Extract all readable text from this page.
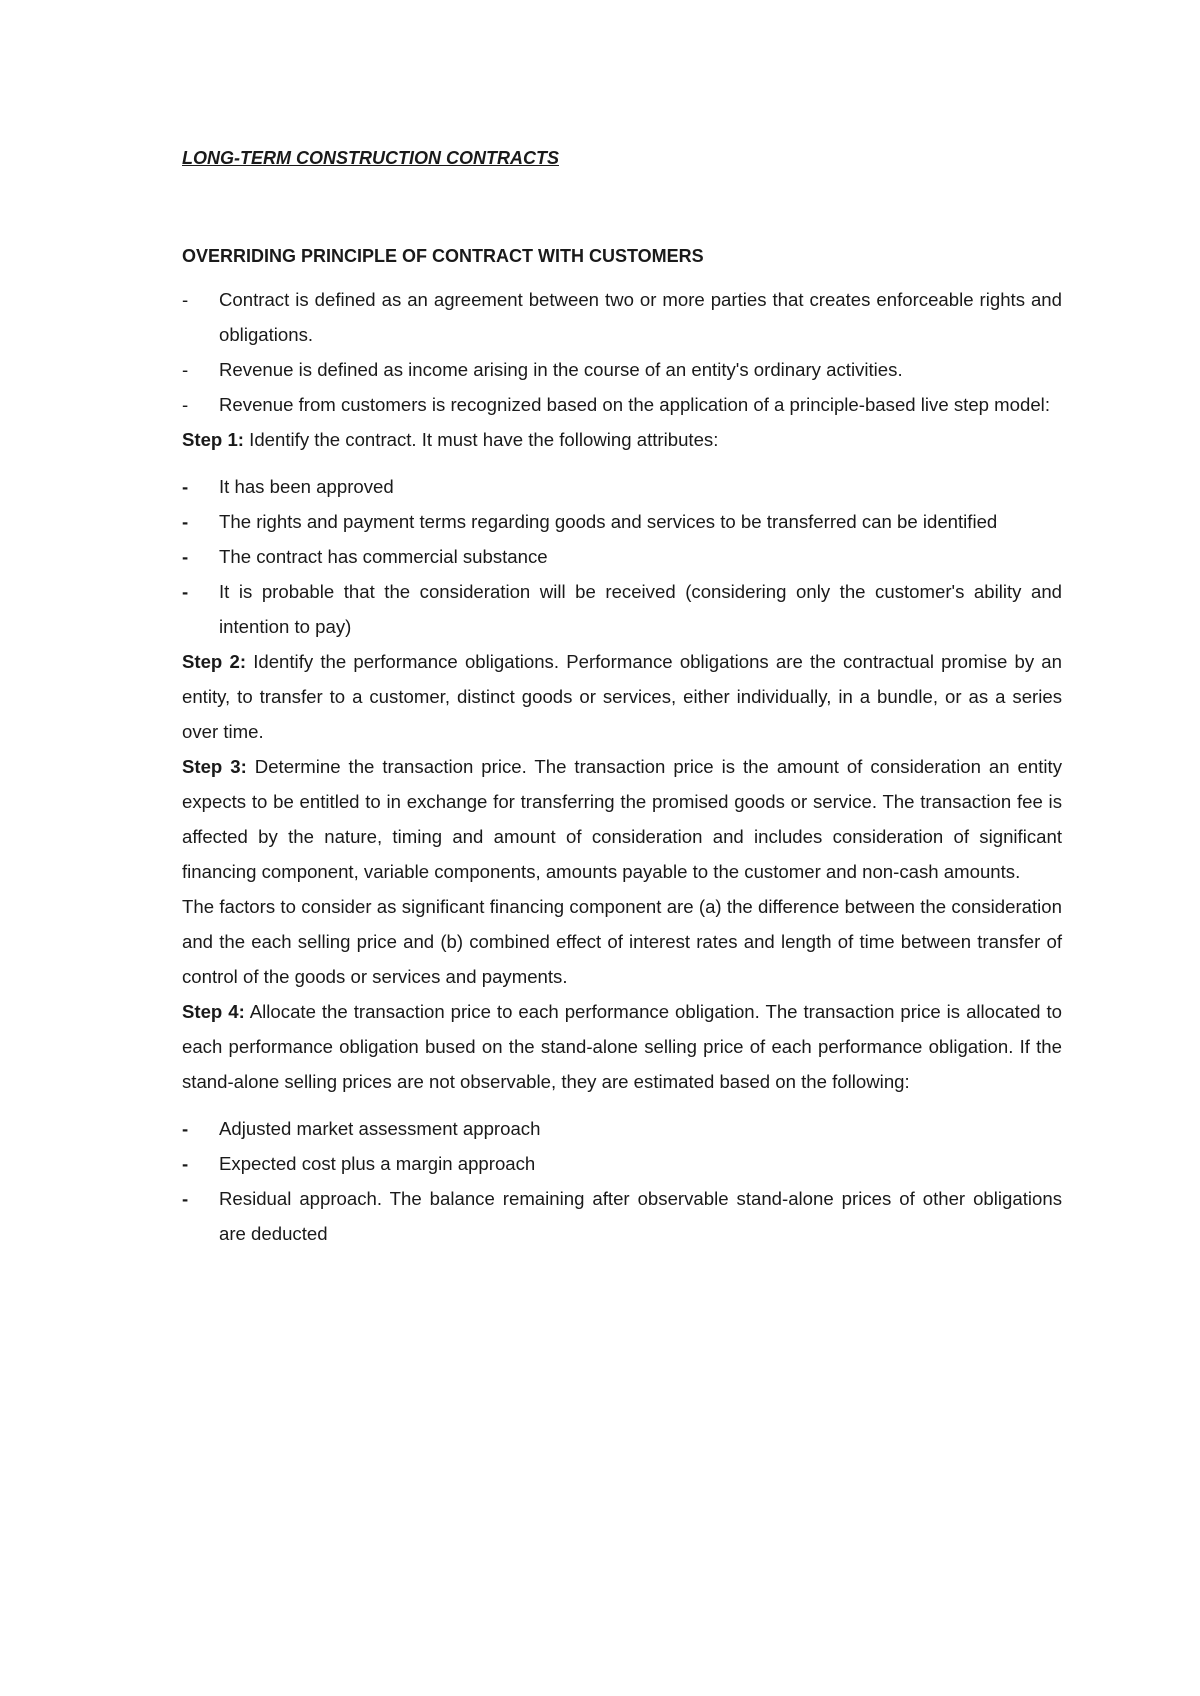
LONG-TERM CONSTRUCTION CONTRACTS
OVERRIDING PRINCIPLE OF CONTRACT WITH CUSTOMERS
- Contract is defined as an agreement between two or more parties that creates enforceable rights and obligations.
- Revenue is defined as income arising in the course of an entity's ordinary activities.
- Revenue from customers is recognized based on the application of a principle-based live step model:

Step 1: Identify the contract. It must have the following attributes:

- It has been approved
- The rights and payment terms regarding goods and services to be transferred can be identified
- The contract has commercial substance
- It is probable that the consideration will be received (considering only the customer's ability and intention to pay)

Step 2: Identify the performance obligations. Performance obligations are the contractual promise by an entity, to transfer to a customer, distinct goods or services, either individually, in a bundle, or as a series over time.

Step 3: Determine the transaction price. The transaction price is the amount of consideration an entity expects to be entitled to in exchange for transferring the promised goods or service. The transaction fee is affected by the nature, timing and amount of consideration and includes consideration of significant financing component, variable components, amounts payable to the customer and non-cash amounts.

The factors to consider as significant financing component are (a) the difference between the consideration and the each selling price and (b) combined effect of interest rates and length of time between transfer of control of the goods or services and payments.

Step 4: Allocate the transaction price to each performance obligation. The transaction price is allocated to each performance obligation bused on the stand-alone selling price of each performance obligation. If the stand-alone selling prices are not observable, they are estimated based on the following:

- Adjusted market assessment approach
- Expected cost plus a margin approach
- Residual approach. The balance remaining after observable stand-alone prices of other obligations are deducted
